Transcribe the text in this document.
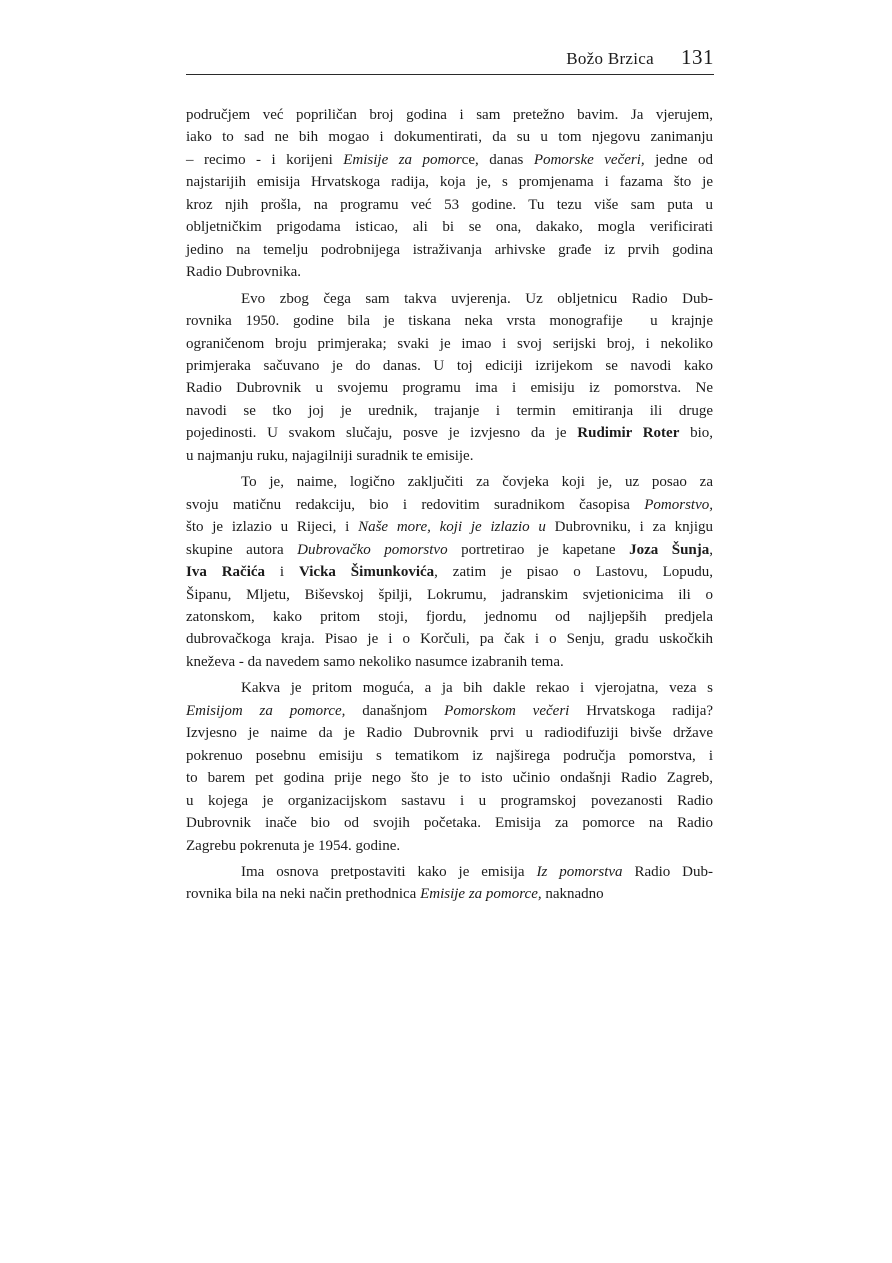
Božo Brzica 131
područjem već popriličan broj godina i sam pretežno bavim. Ja vjerujem,
iako to sad ne bih mogao i dokumentirati, da su u tom njegovu zanimanju
– recimo - i korijeni Emisije za pomorce, danas Pomorske večeri, jedne od
najstarijih emisija Hrvatskoga radija, koja je, s promjenama i fazama što je
kroz njih prošla, na programu već 53 godine. Tu tezu više sam puta u
obljetničkim prigodama isticao, ali bi se ona, dakako, mogla verificirati
jedino na temelju podrobnijega istraživanja arhivske građe iz prvih godina
Radio Dubrovnika.
Evo zbog čega sam takva uvjerenja. Uz obljetnicu Radio Dub-
rovnika 1950. godine bila je tiskana neka vrsta monografije  u krajnje
ograničenom broju primjeraka; svaki je imao i svoj serijski broj, i nekoliko
primjeraka sačuvano je do danas. U toj ediciji izrijekom se navodi kako
Radio Dubrovnik u svojemu programu ima i emisiju iz pomorstva. Ne
navodi se tko joj je urednik, trajanje i termin emitiranja ili druge
pojedinosti. U svakom slučaju, posve je izvjesno da je Rudimir Roter bio,
u najmanju ruku, najagilniji suradnik te emisije.
To je, naime, logično zaključiti za čovjeka koji je, uz posao za
svoju matičnu redakciju, bio i redovitim suradnikom časopisa Pomorstvo,
što je izlazio u Rijeci, i Naše more, koji je izlazio u Dubrovniku, i za knjigu
skupine autora Dubrovačko pomorstvo portretirao je kapetane Joza Šunja,
Iva Račića i Vicka Šimunkovića, zatim je pisao o Lastovu, Lopudu,
Šipanu, Mljetu, Biševskoj špilji, Lokrumu, jadranskim svjetionicima ili o
zatonskom, kako pritom stoji, fjordu, jednomu od najljepših predjela
dubrovačkoga kraja. Pisao je i o Korčuli, pa čak i o Senju, gradu uskočkih
kneževa - da navedem samo nekoliko nasumce izabranih tema.
Kakva je pritom moguća, a ja bih dakle rekao i vjerojatna, veza s
Emisijom za pomorce, današnjom Pomorskom večeri Hrvatskoga radija?
Izvjesno je naime da je Radio Dubrovnik prvi u radiodifuziji bivše države
pokrenuo posebnu emisiju s tematikom iz najširega područja pomorstva, i
to barem pet godina prije nego što je to isto učinio ondašnji Radio Zagreb,
u kojega je organizacijskom sastavu i u programskoj povezanosti Radio
Dubrovnik inače bio od svojih početaka. Emisija za pomorce na Radio
Zagrebu pokrenuta je 1954. godine.
Ima osnova pretpostaviti kako je emisija Iz pomorstva Radio Dub-
rovnika bila na neki način prethodnica Emisije za pomorce, naknadno
